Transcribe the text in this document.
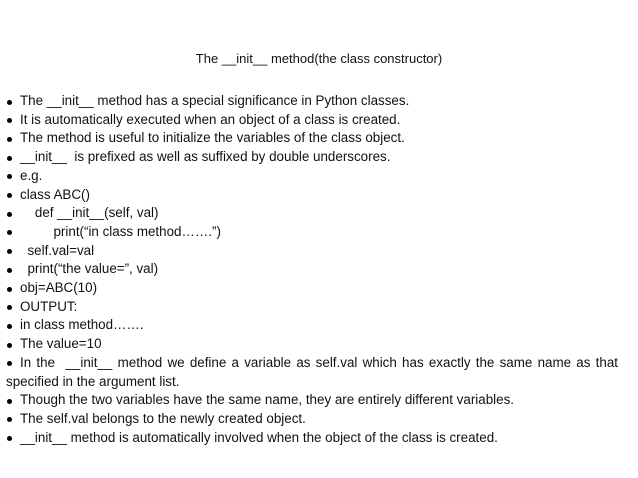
The __init__ method(the class constructor)
The __init__ method has a special significance in Python classes.
It is automatically executed when an object of a class is created.
The method is useful to initialize the variables of the class object.
__init__  is prefixed as well as suffixed by double underscores.
e.g.
class ABC()
def __init__(self, val)
print(“in class method…….”)
self.val=val
print(“the value=”, val)
obj=ABC(10)
OUTPUT:
in class method…….
The value=10
In the  __init__ method we define a variable as self.val which has exactly the same name as that specified in the argument list.
Though the two variables have the same name, they are entirely different variables.
The self.val belongs to the newly created object.
__init__ method is automatically involved when the object of the class is created.
